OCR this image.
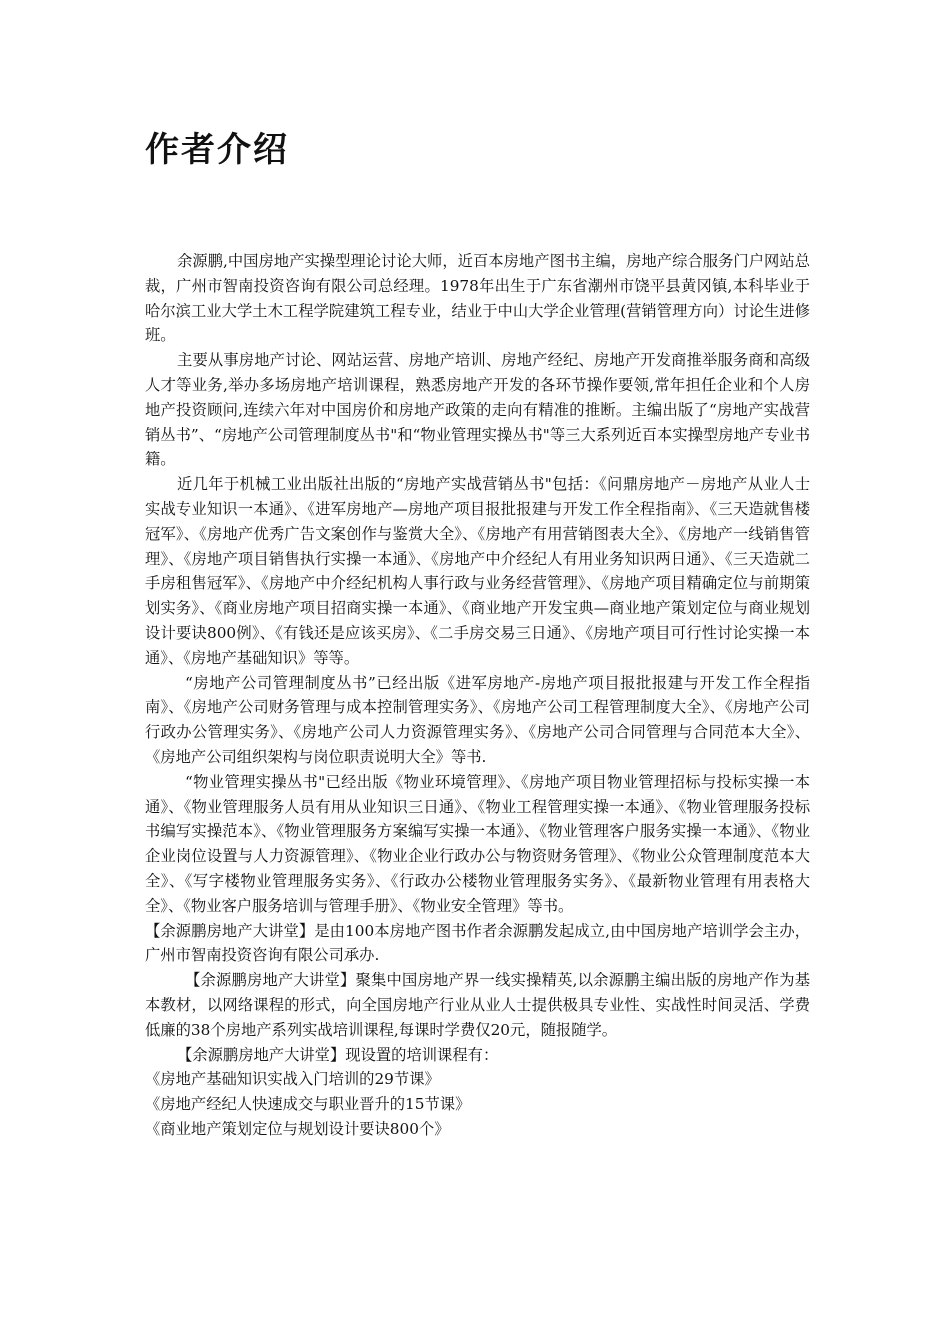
作者介绍

余源鹏,中国房地产实操型理论讨论大师，近百本房地产图书主编，房地产综合服务门户网站总裁，广州市智南投资咨询有限公司总经理。1978年出生于广东省潮州市饶平县黄冈镇,本科毕业于哈尔滨工业大学土木工程学院建筑工程专业，结业于中山大学企业管理(营销管理方向）讨论生进修班。

主要从事房地产讨论、网站运营、房地产培训、房地产经纪、房地产开发商推举服务商和高级人才等业务,举办多场房地产培训课程，熟悉房地产开发的各环节操作要领,常年担任企业和个人房地产投资顾问,连续六年对中国房价和房地产政策的走向有精准的推断。主编出版了“房地产实战营销丛书”、“房地产公司管理制度丛书"和“物业管理实操丛书"等三大系列近百本实操型房地产专业书籍。

近几年于机械工业出版社出版的“房地产实战营销丛书"包括：《问鼎房地产－房地产从业人士实战专业知识一本通》、《进军房地产—房地产项目报批报建与开发工作全程指南》、《三天造就售楼冠军》、《房地产优秀广告文案创作与鉴赏大全》、《房地产有用营销图表大全》、《房地产一线销售管理》、《房地产项目销售执行实操一本通》、《房地产中介经纪人有用业务知识两日通》、《三天造就二手房租售冠军》、《房地产中介经纪机构人事行政与业务经营管理》、《房地产项目精确定位与前期策划实务》、《商业房地产项目招商实操一本通》、《商业地产开发宝典—商业地产策划定位与商业规划设计要诀800例》、《有钱还是应该买房》、《二手房交易三日通》、《房地产项目可行性讨论实操一本通》、《房地产基础知识》等等。

“房地产公司管理制度丛书”已经出版《进军房地产-房地产项目报批报建与开发工作全程指南》、《房地产公司财务管理与成本控制管理实务》、《房地产公司工程管理制度大全》、《房地产公司行政办公管理实务》、《房地产公司人力资源管理实务》、《房地产公司合同管理与合同范本大全》、《房地产公司组织架构与岗位职责说明大全》等书.

“物业管理实操丛书"已经出版《物业环境管理》、《房地产项目物业管理招标与投标实操一本通》、《物业管理服务人员有用从业知识三日通》、《物业工程管理实操一本通》、《物业管理服务投标书编写实操范本》、《物业管理服务方案编写实操一本通》、《物业管理客户服务实操一本通》、《物业企业岗位设置与人力资源管理》、《物业企业行政办公与物资财务管理》、《物业公众管理制度范本大全》、《写字楼物业管理服务实务》、《行政办公楼物业管理服务实务》、《最新物业管理有用表格大全》、《物业客户服务培训与管理手册》、《物业安全管理》等书。

【余源鹏房地产大讲堂】是由100本房地产图书作者余源鹏发起成立,由中国房地产培训学会主办，广州市智南投资咨询有限公司承办.

【余源鹏房地产大讲堂】聚集中国房地产界一线实操精英,以余源鹏主编出版的房地产作为基本教材，以网络课程的形式，向全国房地产行业从业人士提供极具专业性、实战性时间灵活、学费低廉的38个房地产系列实战培训课程,每课时学费仅20元，随报随学。

【余源鹏房地产大讲堂】现设置的培训课程有：

《房地产基础知识实战入门培训的29节课》

《房地产经纪人快速成交与职业晋升的15节课》

《商业地产策划定位与规划设计要诀800个》
